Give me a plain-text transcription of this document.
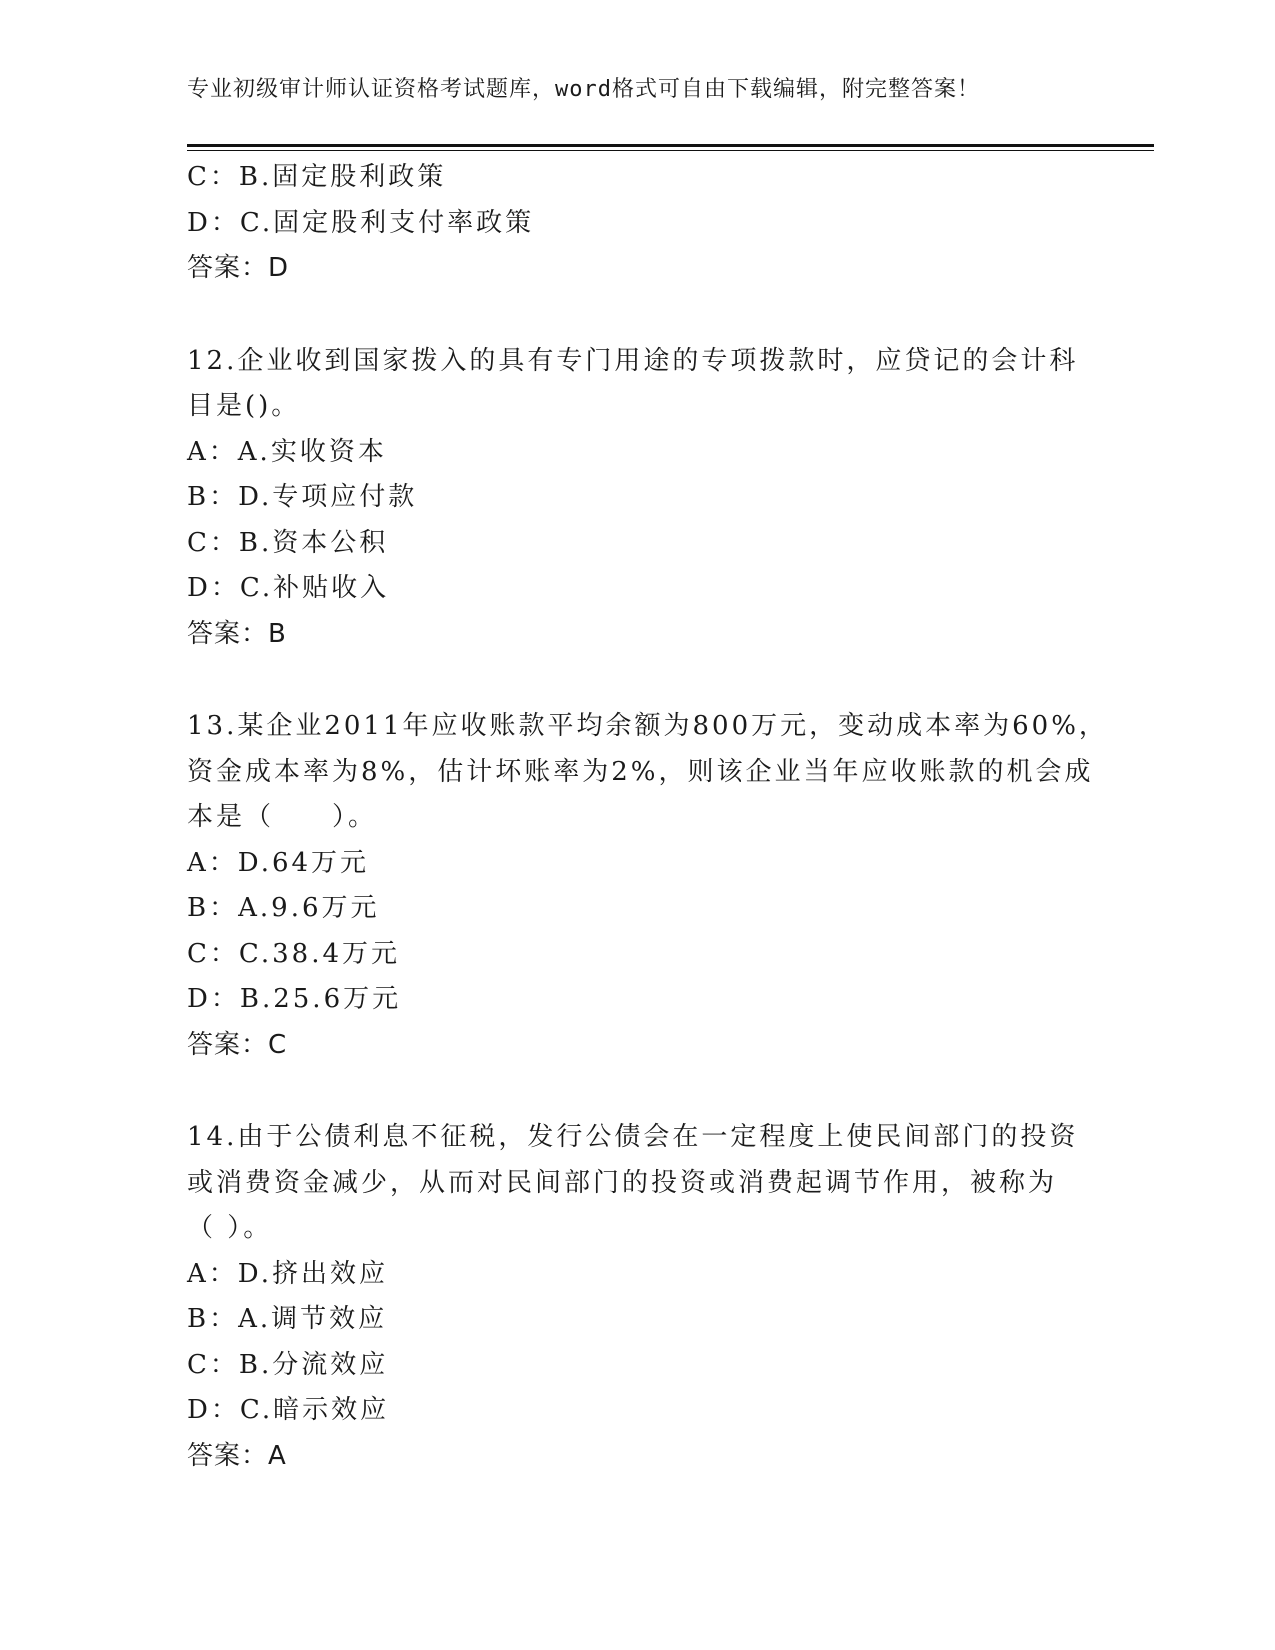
专业初级审计师认证资格考试题库，word格式可自由下载编辑，附完整答案！
C：B.固定股利政策
D：C.固定股利支付率政策
答案：D
12.企业收到国家拨入的具有专门用途的专项拨款时，应贷记的会计科
目是()。
A：A.实收资本
B：D.专项应付款
C：B.资本公积
D：C.补贴收入
答案：B
13.某企业2011年应收账款平均余额为800万元，变动成本率为60%，
资金成本率为8%，估计坏账率为2%，则该企业当年应收账款的机会成
本是（　　）。
A：D.64万元
B：A.9.6万元
C：C.38.4万元
D：B.25.6万元
答案：C
14.由于公债利息不征税，发行公债会在一定程度上使民间部门的投资
或消费资金减少，从而对民间部门的投资或消费起调节作用，被称为
（ ）。
A：D.挤出效应
B：A.调节效应
C：B.分流效应
D：C.暗示效应
答案：A
